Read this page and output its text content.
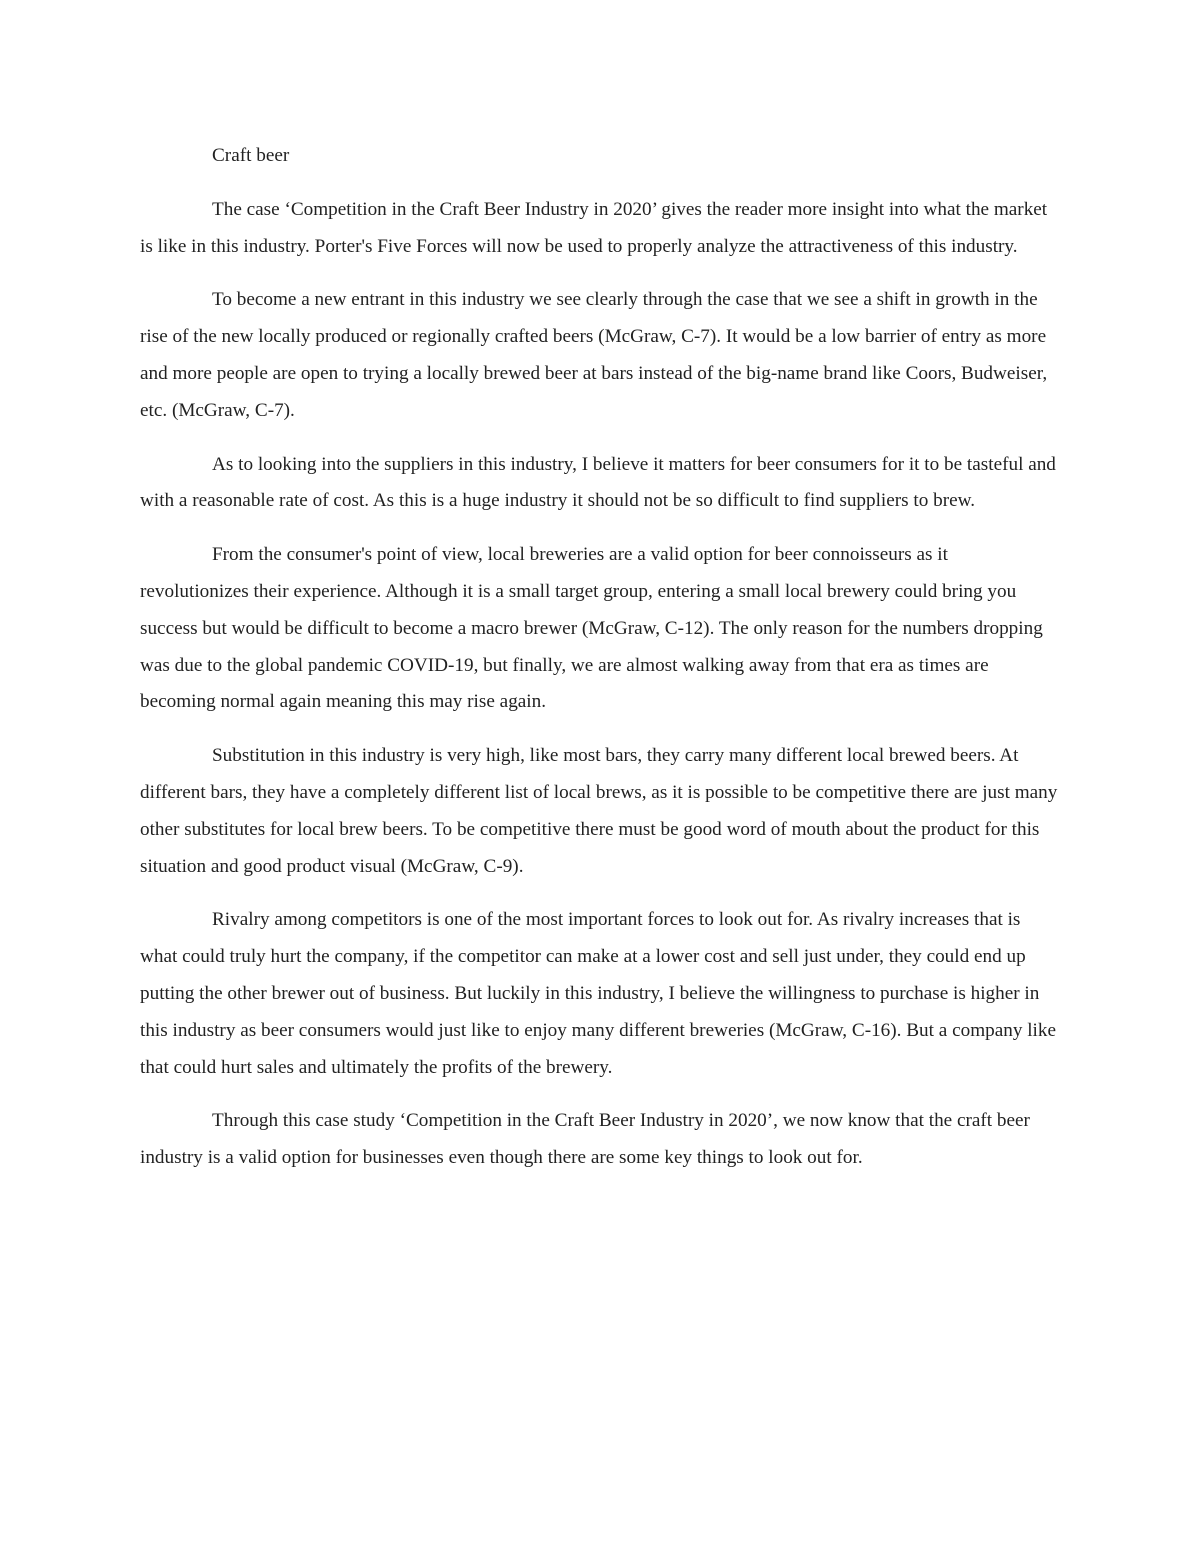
Craft beer

The case ‘Competition in the Craft Beer Industry in 2020’ gives the reader more insight into what the market is like in this industry. Porter's Five Forces will now be used to properly analyze the attractiveness of this industry.

To become a new entrant in this industry we see clearly through the case that we see a shift in growth in the rise of the new locally produced or regionally crafted beers (McGraw, C-7). It would be a low barrier of entry as more and more people are open to trying a locally brewed beer at bars instead of the big-name brand like Coors, Budweiser, etc. (McGraw, C-7).

As to looking into the suppliers in this industry, I believe it matters for beer consumers for it to be tasteful and with a reasonable rate of cost. As this is a huge industry it should not be so difficult to find suppliers to brew.

From the consumer's point of view, local breweries are a valid option for beer connoisseurs as it revolutionizes their experience. Although it is a small target group, entering a small local brewery could bring you success but would be difficult to become a macro brewer (McGraw, C-12). The only reason for the numbers dropping was due to the global pandemic COVID-19, but finally, we are almost walking away from that era as times are becoming normal again meaning this may rise again.

Substitution in this industry is very high, like most bars, they carry many different local brewed beers. At different bars, they have a completely different list of local brews, as it is possible to be competitive there are just many other substitutes for local brew beers. To be competitive there must be good word of mouth about the product for this situation and good product visual (McGraw, C-9).

Rivalry among competitors is one of the most important forces to look out for. As rivalry increases that is what could truly hurt the company, if the competitor can make at a lower cost and sell just under, they could end up putting the other brewer out of business. But luckily in this industry, I believe the willingness to purchase is higher in this industry as beer consumers would just like to enjoy many different breweries (McGraw, C-16). But a company like that could hurt sales and ultimately the profits of the brewery.

Through this case study ‘Competition in the Craft Beer Industry in 2020’, we now know that the craft beer industry is a valid option for businesses even though there are some key things to look out for.
